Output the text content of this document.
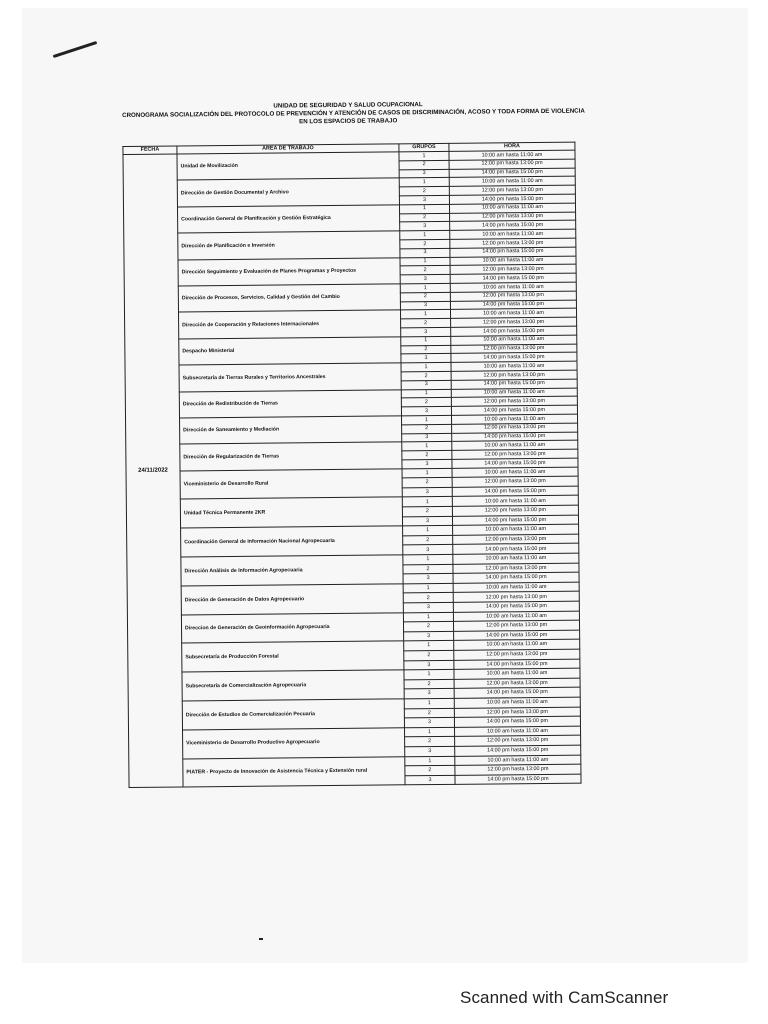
UNIDAD DE SEGURIDAD Y SALUD OCUPACIONAL
CRONOGRAMA SOCIALIZACIÓN DEL PROTOCOLO DE PREVENCIÓN Y ATENCIÓN DE CASOS DE DISCRIMINACIÓN, ACOSO Y TODA FORMA DE VIOLENCIA
EN LOS ESPACIOS DE TRABAJO
FECHA	AREA DE TRABAJO	GRUPOS	HORA
24/11/2022	Unidad de Movilización	1	10:00 am hasta 11:00 am
		2	12:00 pm hasta 13:00 pm
		3	14:00 pm hasta 15:00 pm
	Dirección de Gestión Documental y Archivo	1	10:00 am hasta 11:00 am
		2	12:00 pm hasta 13:00 pm
		3	14:00 pm hasta 15:00 pm
	Coordinación General de Planificación y Gestión Estratégica	1	10:00 am hasta 11:00 am
		2	12:00 pm hasta 13:00 pm
		3	14:00 pm hasta 15:00 pm
	Dirección de Planificación e Inversión	1	10:00 am hasta 11:00 am
		2	12:00 pm hasta 13:00 pm
		3	14:00 pm hasta 15:00 pm
	Dirección Seguimiento y Evaluación de Planes Programas y Proyectos	1	10:00 am hasta 11:00 am
		2	12:00 pm hasta 13:00 pm
		3	14:00 pm hasta 15:00 pm
	Dirección de Procesos, Servicios, Calidad y Gestión del Cambio	1	10:00 am hasta 11:00 am
		2	12:00 pm hasta 13:00 pm
		3	14:00 pm hasta 15:00 pm
	Dirección de Cooperación y Relaciones Internacionales	1	10:00 am hasta 11:00 am
		2	12:00 pm hasta 13:00 pm
		3	14:00 pm hasta 15:00 pm
	Despacho Ministerial	1	10:00 am hasta 11:00 am
		2	12:00 pm hasta 13:00 pm
		3	14:00 pm hasta 15:00 pm
	Subsecretaría de Tierras Rurales y Territorios Ancestrales	1	10:00 am hasta 11:00 am
		2	12:00 pm hasta 13:00 pm
		3	14:00 pm hasta 15:00 pm
	Dirección de Redistribución de Tierras	1	10:00 am hasta 11:00 am
		2	12:00 pm hasta 13:00 pm
		3	14:00 pm hasta 15:00 pm
	Dirección de Saneamiento y Mediación	1	10:00 am hasta 11:00 am
		2	12:00 pm hasta 13:00 pm
		3	14:00 pm hasta 15:00 pm
	Dirección de Regularización de Tierras	1	10:00 am hasta 11:00 am
		2	12:00 pm hasta 13:00 pm
		3	14:00 pm hasta 15:00 pm
	Viceministerio de Desarrollo Rural	1	10:00 am hasta 11:00 am
		2	12:00 pm hasta 13:00 pm
		3	14:00 pm hasta 15:00 pm
	Unidad Técnica Permanente 2KR	1	10:00 am hasta 11:00 am
		2	12:00 pm hasta 13:00 pm
		3	14:00 pm hasta 15:00 pm
	Coordinación General de Información Nacional Agropecuaria	1	10:00 am hasta 11:00 am
		2	12:00 pm hasta 13:00 pm
		3	14:00 pm hasta 15:00 pm
	Dirección Análisis de Información Agropecuaria	1	10:00 am hasta 11:00 am
		2	12:00 pm hasta 13:00 pm
		3	14:00 pm hasta 15:00 pm
	Dirección de Generación de Datos Agropecuario	1	10:00 am hasta 11:00 am
		2	12:00 pm hasta 13:00 pm
		3	14:00 pm hasta 15:00 pm
	Direccion de Generación de Geoinformación Agropecuaria	1	10:00 am hasta 11:00 am
		2	12:00 pm hasta 13:00 pm
		3	14:00 pm hasta 15:00 pm
	Subsecretaría de Producción Forestal	1	10:00 am hasta 11:00 am
		2	12:00 pm hasta 13:00 pm
		3	14:00 pm hasta 15:00 pm
	Subsecretaría de Comercialización Agropecuaria	1	10:00 am hasta 11:00 am
		2	12:00 pm hasta 13:00 pm
		3	14:00 pm hasta 15:00 pm
	Dirección de Estudios de Comercialización Pecuaria	1	10:00 am hasta 11:00 am
		2	12:00 pm hasta 13:00 pm
		3	14:00 pm hasta 15:00 pm
	Viceministerio de Desarrollo Productivo Agropecuario	1	10:00 am hasta 11:00 am
		2	12:00 pm hasta 13:00 pm
		3	14:00 pm hasta 15:00 pm
	PIATER - Proyecto de Innovación de Asistencia Técnica y Extensión rural	1	10:00 am hasta 11:00 am
		2	12:00 pm hasta 13:00 pm
		3	14:00 pm hasta 15:00 pm
Scanned with CamScanner
